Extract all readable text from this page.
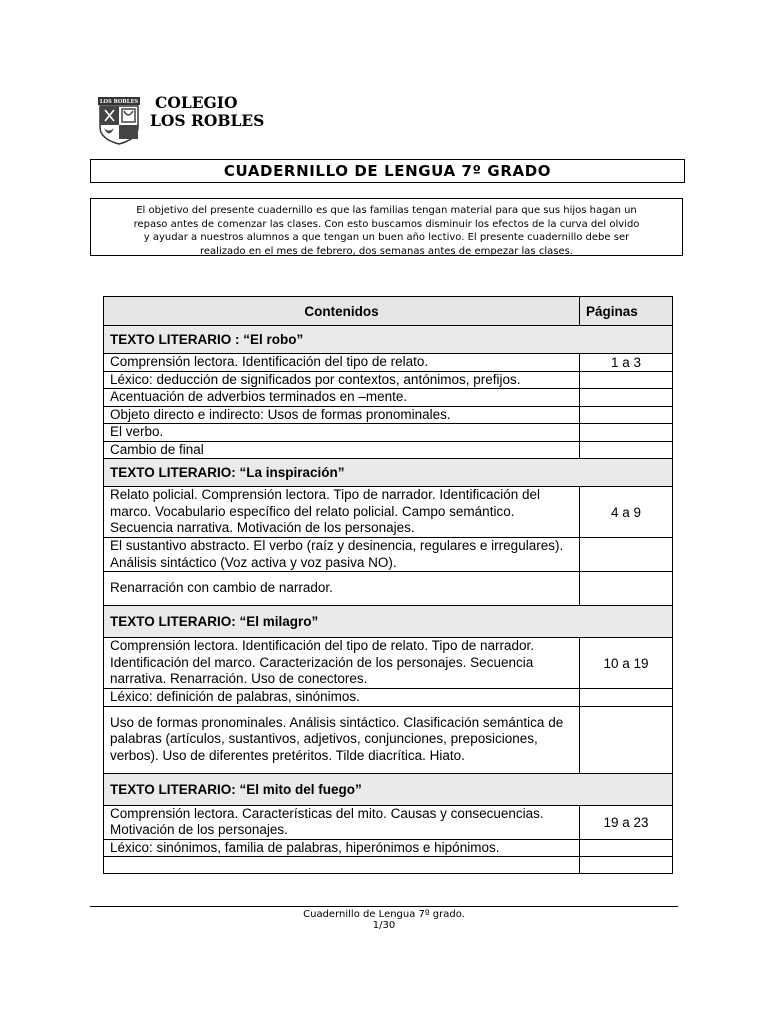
LOS ROBLES	COLEGIO
LOS ROBLES
CUADERNILLO DE LENGUA 7º GRADO
El objetivo del presente cuadernillo es que las familias tengan material para que sus hijos hagan un
repaso antes de comenzar las clases. Con esto buscamos disminuir los efectos de la curva del olvido
y ayudar a nuestros alumnos a que tengan un buen año lectivo. El presente cuadernillo debe ser
realizado en el mes de febrero, dos semanas antes de empezar las clases.
Contenidos	Páginas
TEXTO LITERARIO : “El robo”	
Comprensión lectora. Identificación del tipo de relato.	1 a 3
Léxico: deducción de significados por contextos, antónimos, prefijos.	
Acentuación de adverbios terminados en –mente.	
Objeto directo e indirecto: Usos de formas pronominales.	
El verbo.	
Cambio de final	
TEXTO LITERARIO: “La inspiración”	
Relato policial. Comprensión lectora. Tipo de narrador. Identificación del marco. Vocabulario específico del relato policial. Campo semántico. Secuencia narrativa. Motivación de los personajes.	4 a 9
El sustantivo abstracto. El verbo (raíz y desinencia, regulares e irregulares). Análisis sintáctico (Voz activa y voz pasiva NO).	
Renarración con cambio de narrador.	
TEXTO LITERARIO: “El milagro”	
Comprensión lectora. Identificación del tipo de relato. Tipo de narrador. Identificación del marco. Caracterización de los personajes. Secuencia narrativa. Renarración. Uso de conectores.	10 a 19
Léxico: definición de palabras, sinónimos.	
Uso de formas pronominales. Análisis sintáctico. Clasificación semántica de palabras (artículos, sustantivos, adjetivos, conjunciones, preposiciones, verbos). Uso de diferentes pretéritos. Tilde diacrítica. Hiato.	
TEXTO LITERARIO: “El mito del fuego”	
Comprensión lectora. Características del mito. Causas y consecuencias. Motivación de los personajes.	19 a 23
Léxico: sinónimos, familia de palabras, hiperónimos e hipónimos.	

Cuadernillo de Lengua 7º grado.
1/30
